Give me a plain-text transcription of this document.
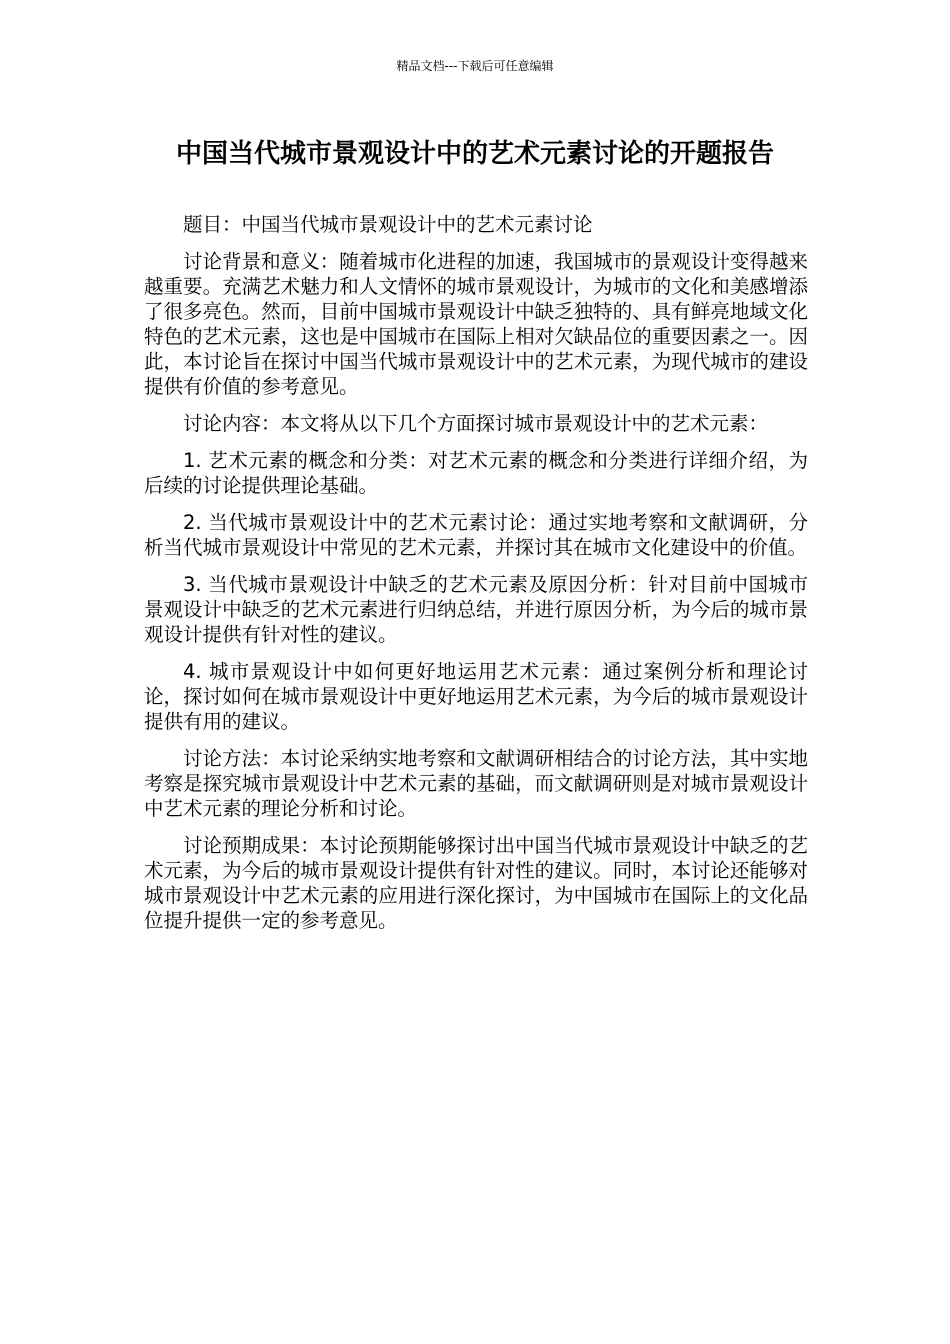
精品文档---下载后可任意编辑
中国当代城市景观设计中的艺术元素讨论的开题报告

题目：中国当代城市景观设计中的艺术元素讨论

讨论背景和意义：随着城市化进程的加速，我国城市的景观设计变得越来越重要。充满艺术魅力和人文情怀的城市景观设计，为城市的文化和美感增添了很多亮色。然而，目前中国城市景观设计中缺乏独特的、具有鲜亮地域文化特色的艺术元素，这也是中国城市在国际上相对欠缺品位的重要因素之一。因此，本讨论旨在探讨中国当代城市景观设计中的艺术元素，为现代城市的建设提供有价值的参考意见。

讨论内容：本文将从以下几个方面探讨城市景观设计中的艺术元素：

1. 艺术元素的概念和分类：对艺术元素的概念和分类进行详细介绍，为后续的讨论提供理论基础。

2. 当代城市景观设计中的艺术元素讨论：通过实地考察和文献调研，分析当代城市景观设计中常见的艺术元素，并探讨其在城市文化建设中的价值。

3. 当代城市景观设计中缺乏的艺术元素及原因分析：针对目前中国城市景观设计中缺乏的艺术元素进行归纳总结，并进行原因分析，为今后的城市景观设计提供有针对性的建议。

4. 城市景观设计中如何更好地运用艺术元素：通过案例分析和理论讨论，探讨如何在城市景观设计中更好地运用艺术元素，为今后的城市景观设计提供有用的建议。

讨论方法：本讨论采纳实地考察和文献调研相结合的讨论方法，其中实地考察是探究城市景观设计中艺术元素的基础，而文献调研则是对城市景观设计中艺术元素的理论分析和讨论。

讨论预期成果：本讨论预期能够探讨出中国当代城市景观设计中缺乏的艺术元素，为今后的城市景观设计提供有针对性的建议。同时，本讨论还能够对城市景观设计中艺术元素的应用进行深化探讨，为中国城市在国际上的文化品位提升提供一定的参考意见。
